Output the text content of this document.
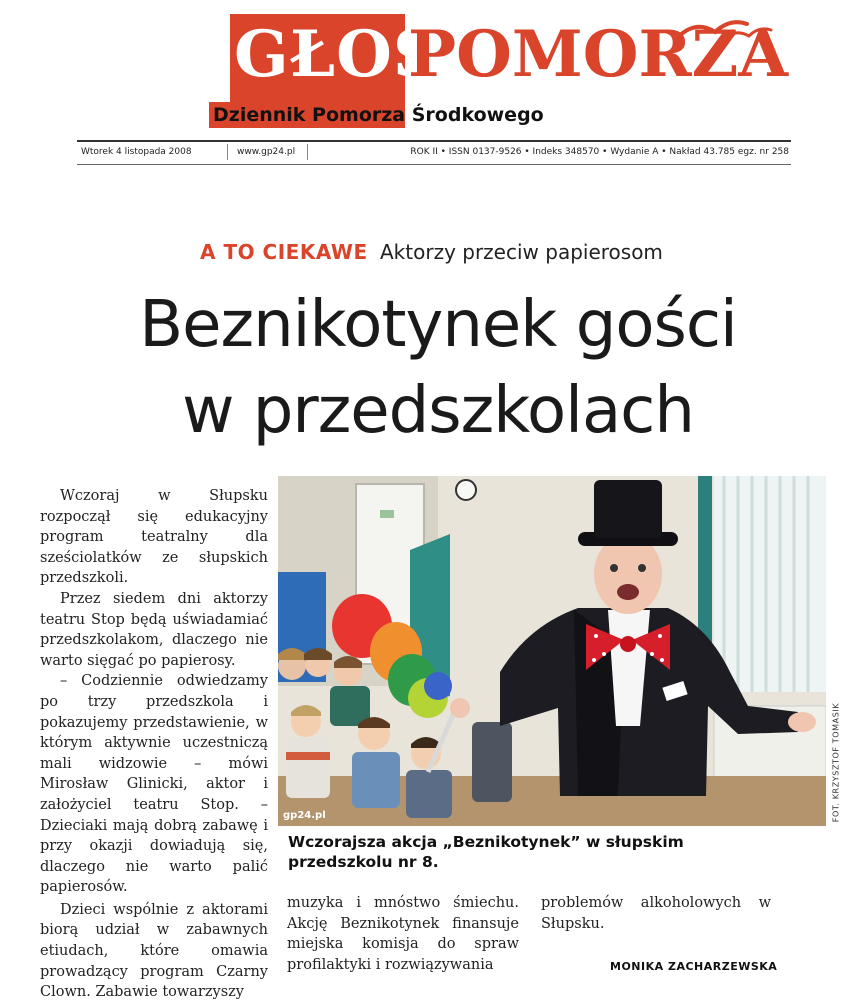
GŁOS
POMORZA
Dziennik Pomorza Środkowego
Wtorek 4 listopada 2008	www.gp24.pl	ROK II • ISSN 0137-9526 • Indeks 348570 • Wydanie A • Nakład 43.785 egz. nr 258
A TO CIEKAWE Aktorzy przeciw papierosom
Beznikotynek gości
w przedszkolach

Wczoraj w Słupsku rozpoczął się edukacyjny program teatralny dla sześciolatków ze słupskich przedszkoli.

Przez siedem dni aktorzy teatru Stop będą uświadamiać przedszkolakom, dlaczego nie warto sięgać po papierosy.

– Codziennie odwiedzamy po trzy przedszkola i pokazujemy przedstawienie, w którym aktywnie uczestniczą mali widzowie – mówi Mirosław Glinicki, aktor i założyciel teatru Stop. – Dzieciaki mają dobrą zabawę i przy okazji dowiadują się, dlaczego nie warto palić papierosów.

Dzieci wspólnie z aktorami biorą udział w zabawnych etiudach, które omawia prowadzący program Czarny Clown. Zabawie towarzyszy

gp24.pl	FOT. KRZYSZTOF TOMASIK
Wczorajsza akcja „Beznikotynek” w słupskim przedszkolu nr 8.
muzyka i mnóstwo śmiechu. Akcję Beznikotynek finansuje miejska komisja do spraw profilaktyki i rozwiązywania
problemów alkoholowych w Słupsku.
MONIKA ZACHARZEWSKA
